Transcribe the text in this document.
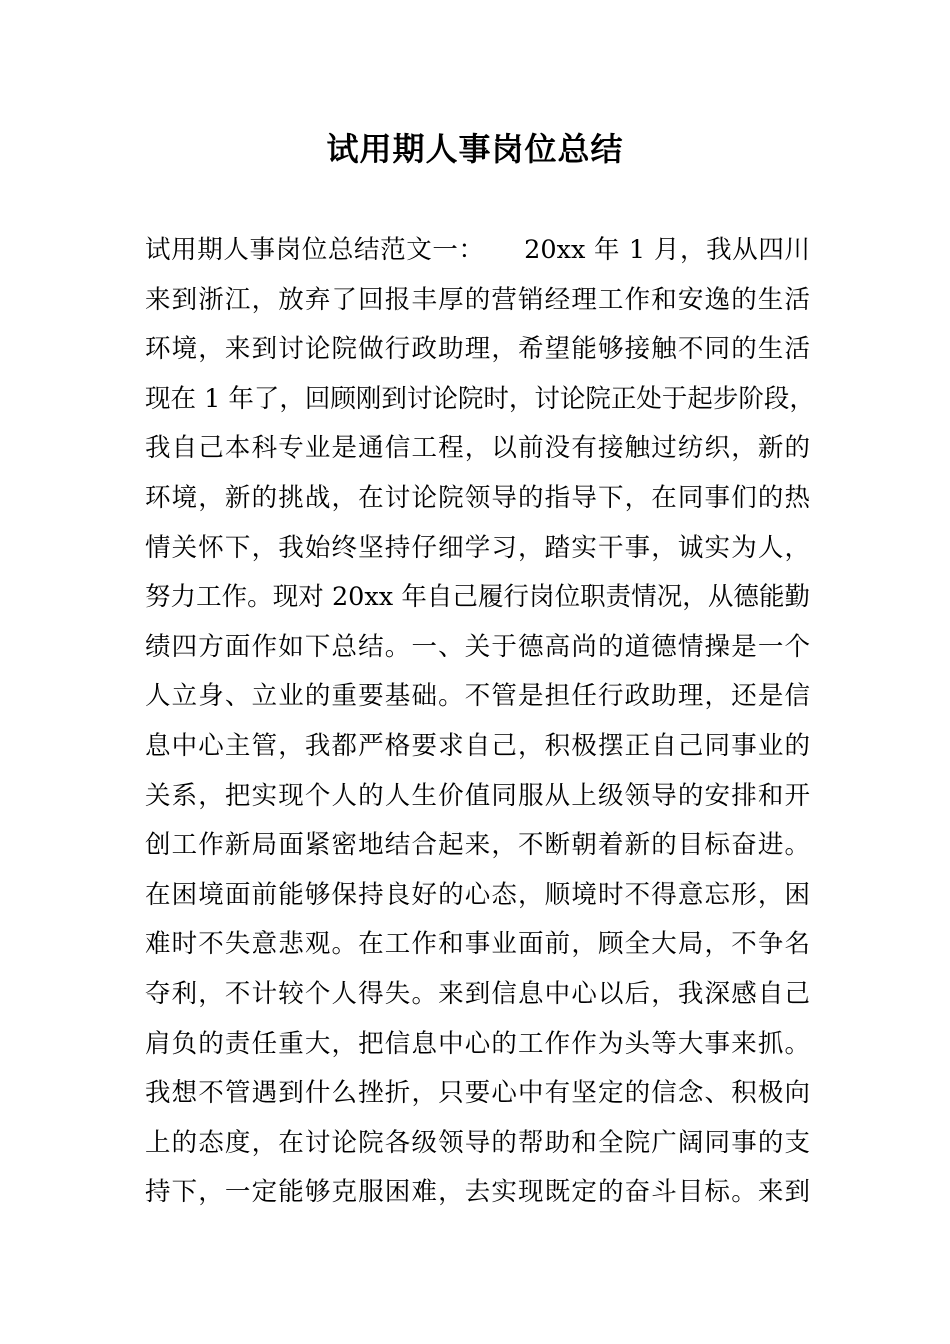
试用期人事岗位总结
试用期人事岗位总结范文一：　　20xx 年 1 月，我从四川
来到浙江，放弃了回报丰厚的营销经理工作和安逸的生活
环境，来到讨论院做行政助理，希望能够接触不同的生活
现在 1 年了，回顾刚到讨论院时，讨论院正处于起步阶段，
我自己本科专业是通信工程，以前没有接触过纺织，新的
环境，新的挑战，在讨论院领导的指导下，在同事们的热
情关怀下，我始终坚持仔细学习，踏实干事，诚实为人，
努力工作。现对 20xx 年自己履行岗位职责情况，从德能勤
绩四方面作如下总结。一、关于德高尚的道德情操是一个
人立身、立业的重要基础。不管是担任行政助理，还是信
息中心主管，我都严格要求自己，积极摆正自己同事业的
关系，把实现个人的人生价值同服从上级领导的安排和开
创工作新局面紧密地结合起来，不断朝着新的目标奋进。
在困境面前能够保持良好的心态，顺境时不得意忘形，困
难时不失意悲观。在工作和事业面前，顾全大局，不争名
夺利，不计较个人得失。来到信息中心以后，我深感自己
肩负的责任重大，把信息中心的工作作为头等大事来抓。
我想不管遇到什么挫折，只要心中有坚定的信念、积极向
上的态度，在讨论院各级领导的帮助和全院广阔同事的支
持下，一定能够克服困难，去实现既定的奋斗目标。来到
